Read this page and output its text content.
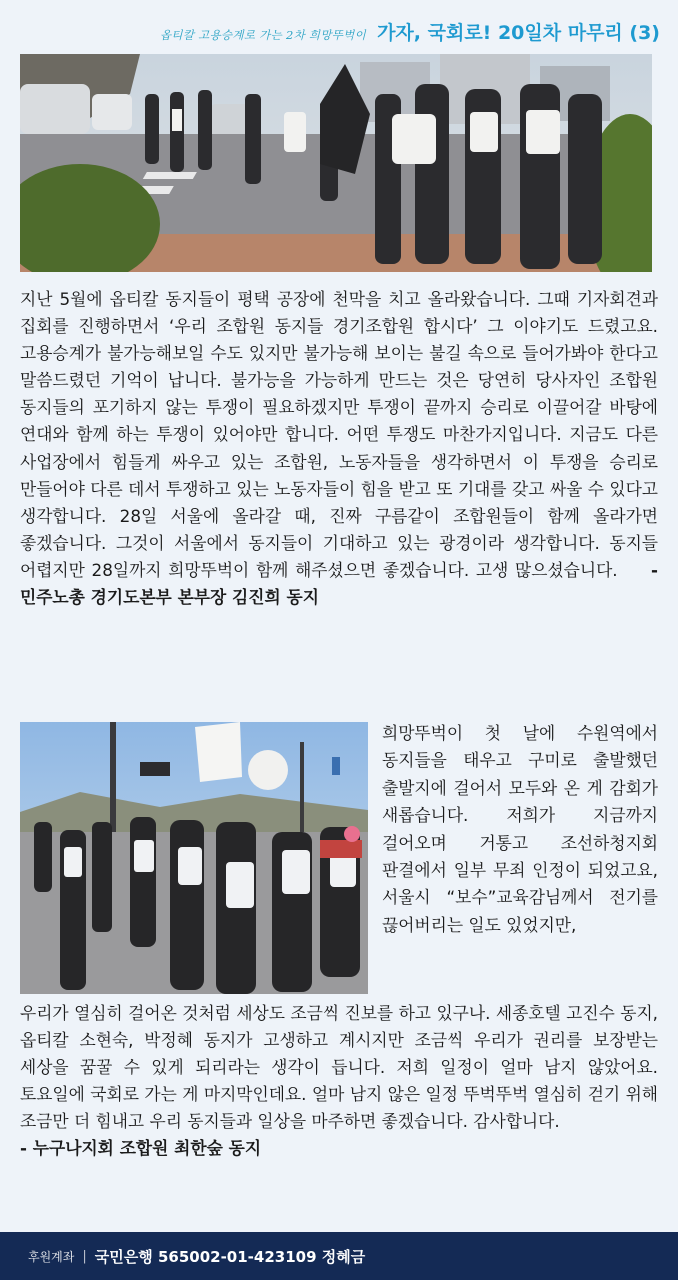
옵티칼 고용승계로 가는 2차 희망뚜벅이 가자, 국회로! 20일차 마무리 (3)
지난 5월에 옵티칼 동지들이 평택 공장에 천막을 치고 올라왔습니다. 그때 기자회견과 집회를 진행하면서 ‘우리 조합원 동지들 경기조합원 합시다’ 그 이야기도 드렸고요. 고용승계가 불가능해보일 수도 있지만 불가능해 보이는 불길 속으로 들어가봐야 한다고 말씀드렸던 기억이 납니다. 불가능을 가능하게 만드는 것은 당연히 당사자인 조합원 동지들의 포기하지 않는 투쟁이 필요하겠지만 투쟁이 끝까지 승리로 이끌어갈 바탕에 연대와 함께 하는 투쟁이 있어야만 합니다. 어떤 투쟁도 마찬가지입니다. 지금도 다른 사업장에서 힘들게 싸우고 있는 조합원, 노동자들을 생각하면서 이 투쟁을 승리로 만들어야 다른 데서 투쟁하고 있는 노동자들이 힘을 받고 또 기대를 갖고 싸울 수 있다고 생각합니다. 28일 서울에 올라갈 때, 진짜 구름같이 조합원들이 함께 올라가면 좋겠습니다. 그것이 서울에서 동지들이 기대하고 있는 광경이라 생각합니다. 동지들 어렵지만 28일까지 희망뚜벅이 함께 해주셨으면 좋겠습니다. 고생 많으셨습니다. - 민주노총 경기도본부 본부장 김진희 동지
희망뚜벅이 첫 날에 수원역에서 동지들을 태우고 구미로 출발했던 출발지에 걸어서 모두와 온 게 감회가 새롭습니다. 저희가 지금까지 걸어오며 거통고 조선하청지회 판결에서 일부 무죄 인정이 되었고요, 서울시 “보수”교육감님께서 전기를 끊어버리는 일도 있었지만,
우리가 열심히 걸어온 것처럼 세상도 조금씩 진보를 하고 있구나. 세종호텔 고진수 동지, 옵티칼 소현숙, 박정혜 동지가 고생하고 계시지만 조금씩 우리가 권리를 보장받는 세상을 꿈꿀 수 있게 되리라는 생각이 듭니다. 저희 일정이 얼마 남지 않았어요. 토요일에 국회로 가는 게 마지막인데요. 얼마 남지 않은 일정 뚜벅뚜벅 열심히 걷기 위해 조금만 더 힘내고 우리 동지들과 일상을 마주하면 좋겠습니다. 감사합니다.
- 누구나지회 조합원 최한숲 동지
후원계좌 | 국민은행 565002-01-423109 정혜금
